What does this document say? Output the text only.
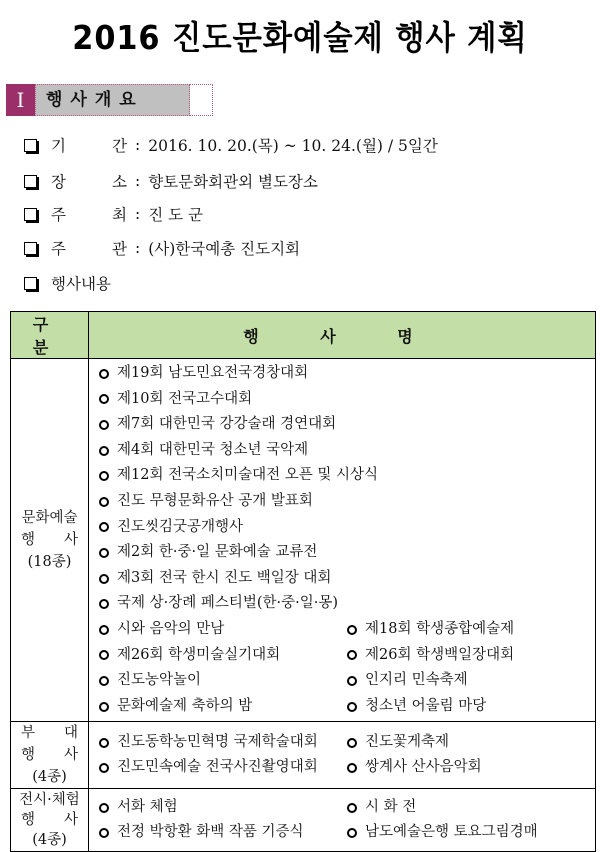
2016 진도문화예술제 행사 계획
Ⅰ	행사개요
기	간 : 2016. 10. 20.(목) ~ 10. 24.(월) / 5일간
장	소 : 향토문화회관외 별도장소
주	최 : 진 도 군
주	관 : (사)한국예총 진도지회
행사내용
구 분	행 사 명

문화예술
행 사
(18종)

제19회 남도민요전국경창대회
제10회 전국고수대회
제7회 대한민국 강강술래 경연대회
제4회 대한민국 청소년 국악제
제12회 전국소치미술대전 오픈 및 시상식
진도 무형문화유산 공개 발표회
진도씻김굿공개행사
제2회 한·중·일 문화예술 교류전
제3회 전국 한시 진도 백일장 대회
국제 상·장례 페스티벌(한·중·일·몽)
시와 음악의 만남	제18회 학생종합예술제
제26회 학생미술실기대회	제26회 학생백일장대회
진도농악놀이	인지리 민속축제
문화예술제 축하의 밤	청소년 어울림 마당

부 대
행 사
(4종)

진도동학농민혁명 국제학술대회	진도꽃게축제
진도민속예술 전국사진촬영대회	쌍계사 산사음악회

전시·체험
행 사
(4종)

서화 체험	시 화 전
전정 박항환 화백 작품 기증식	남도예술은행 토요그림경매
